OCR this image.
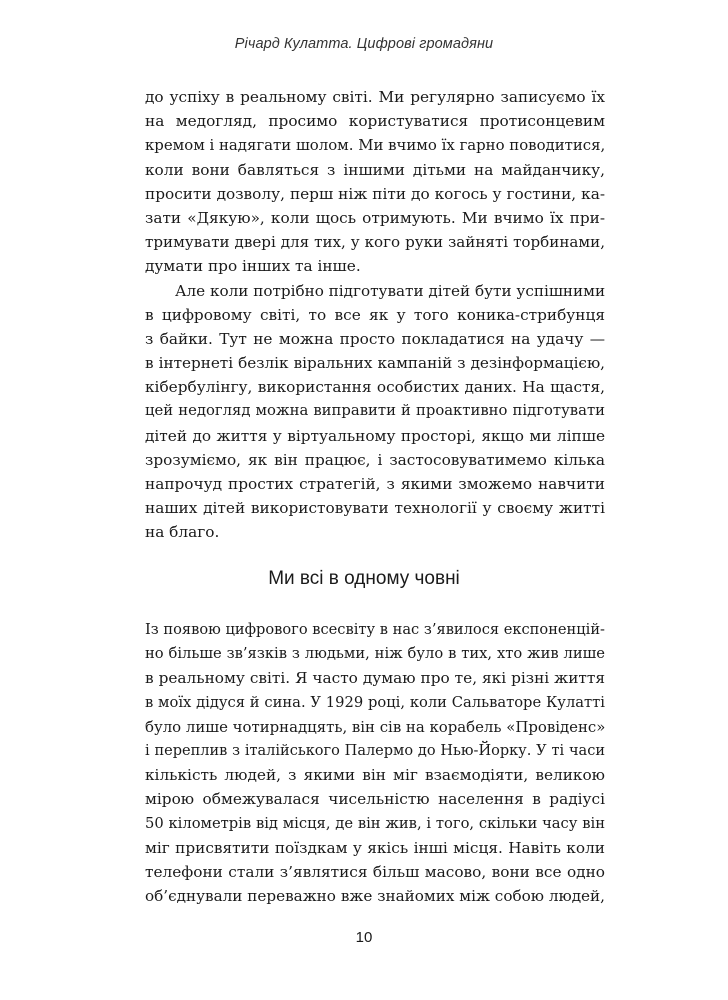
Річард Кулатта. Цифрові громадяни
до успіху в реальному світі. Ми регулярно записуємо їх
на медогляд, просимо користуватися протисонцевим
кремом і надягати шолом. Ми вчимо їх гарно поводитися,
коли вони бавляться з іншими дітьми на майданчику,
просити дозволу, перш ніж піти до когось у гостини, ка-
зати «Дякую», коли щось отримують. Ми вчимо їх при-
тримувати двері для тих, у кого руки зайняті торбинами,
думати про інших та інше.
Але коли потрібно підготувати дітей бути успішними
в цифровому світі, то все як у того коника-стрибунця
з байки. Тут не можна просто покладатися на удачу —
в інтернеті безлік віральних кампаній з дезінформацією,
кібербулінгу, використання особистих даних. На щастя,
цей недогляд можна виправити й проактивно підготувати
дітей до життя у віртуальному просторі, якщо ми ліпше
зрозуміємо, як він працює, і застосовуватимемо кілька
напрочуд простих стратегій, з якими зможемо навчити
наших дітей використовувати технології у своєму житті
на благо.
Ми всі в одному човні
Із появою цифрового всесвіту в нас з’явилося експоненцій-
но більше зв’язків з людьми, ніж було в тих, хто жив лише
в реальному світі. Я часто думаю про те, які різні життя
в моїх дідуся й сина. У 1929 році, коли Сальваторе Кулатті
було лише чотирнадцять, він сів на корабель «Провіденс»
і переплив з італійського Палермо до Нью-Йорку. У ті часи
кількість людей, з якими він міг взаємодіяти, великою
мірою обмежувалася чисельністю населення в радіусі
50 кілометрів від місця, де він жив, і того, скільки часу він
міг присвятити поїздкам у якісь інші місця. Навіть коли
телефони стали з’являтися більш масово, вони все одно
об’єднували переважно вже знайомих між собою людей,
10
